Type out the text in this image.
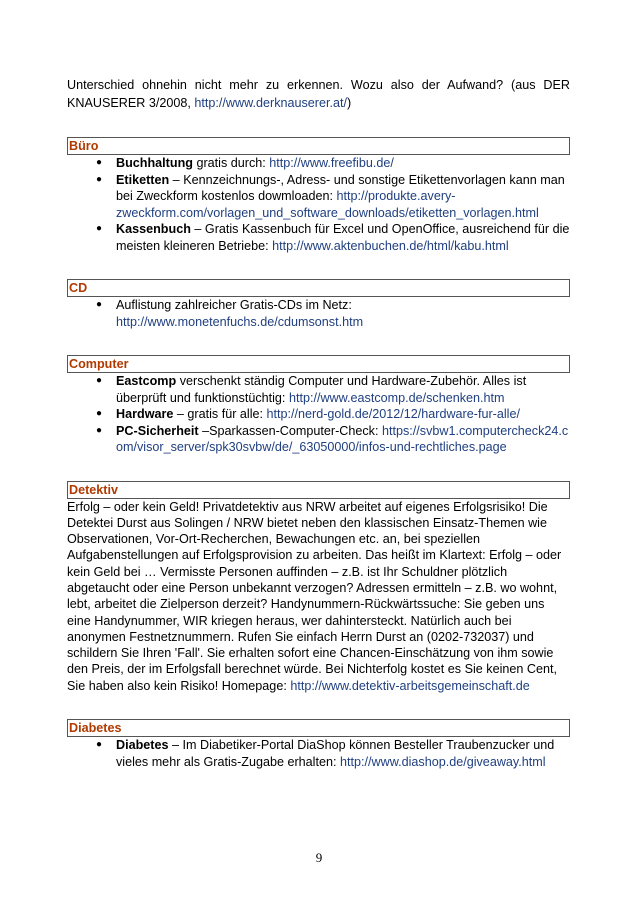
Unterschied ohnehin nicht mehr zu erkennen. Wozu also der Aufwand? (aus DER KNAUSERER 3/2008, http://www.derknauserer.at/)

Büro
● Buchhaltung gratis durch: http://www.freefibu.de/
● Etiketten – Kennzeichnungs-, Adress- und sonstige Etikettenvorlagen kann man bei Zweckform kostenlos dowmloaden: http://produkte.avery-zweckform.com/vorlagen_und_software_downloads/etiketten_vorlagen.html
● Kassenbuch – Gratis Kassenbuch für Excel und OpenOffice, ausreichend für die meisten kleineren Betriebe: http://www.aktenbuchen.de/html/kabu.html
CD
● Auflistung zahlreicher Gratis-CDs im Netz: http://www.monetenfuchs.de/cdumsonst.htm
Computer
● Eastcomp verschenkt ständig Computer und Hardware-Zubehör. Alles ist überprüft und funktionstüchtig: http://www.eastcomp.de/schenken.htm
● Hardware – gratis für alle: http://nerd-gold.de/2012/12/hardware-fur-alle/
● PC-Sicherheit –Sparkassen-Computer-Check: https://svbw1.computercheck24.com/visor_server/spk30svbw/de/_63050000/infos-und-rechtliches.page
Detektiv

Erfolg – oder kein Geld! Privatdetektiv aus NRW arbeitet auf eigenes Erfolgsrisiko! Die Detektei Durst aus Solingen / NRW bietet neben den klassischen Einsatz-Themen wie Observationen, Vor-Ort-Recherchen, Bewachungen etc. an, bei speziellen Aufgabenstellungen auf Erfolgsprovision zu arbeiten. Das heißt im Klartext: Erfolg – oder kein Geld bei … Vermisste Personen auffinden – z.B. ist Ihr Schuldner plötzlich abgetaucht oder eine Person unbekannt verzogen? Adressen ermitteln – z.B. wo wohnt, lebt, arbeitet die Zielperson derzeit? Handynummern-Rückwärtssuche: Sie geben uns eine Handynummer, WIR kriegen heraus, wer dahintersteckt. Natürlich auch bei anonymen Festnetznummern. Rufen Sie einfach Herrn Durst an (0202-732037) und schildern Sie Ihren 'Fall'. Sie erhalten sofort eine Chancen-Einschätzung von ihm sowie den Preis, der im Erfolgsfall berechnet würde. Bei Nichterfolg kostet es Sie keinen Cent, Sie haben also kein Risiko! Homepage: http://www.detektiv-arbeitsgemeinschaft.de

Diabetes
● Diabetes – Im Diabetiker-Portal DiaShop können Besteller Traubenzucker und vieles mehr als Gratis-Zugabe erhalten: http://www.diashop.de/giveaway.html
9
